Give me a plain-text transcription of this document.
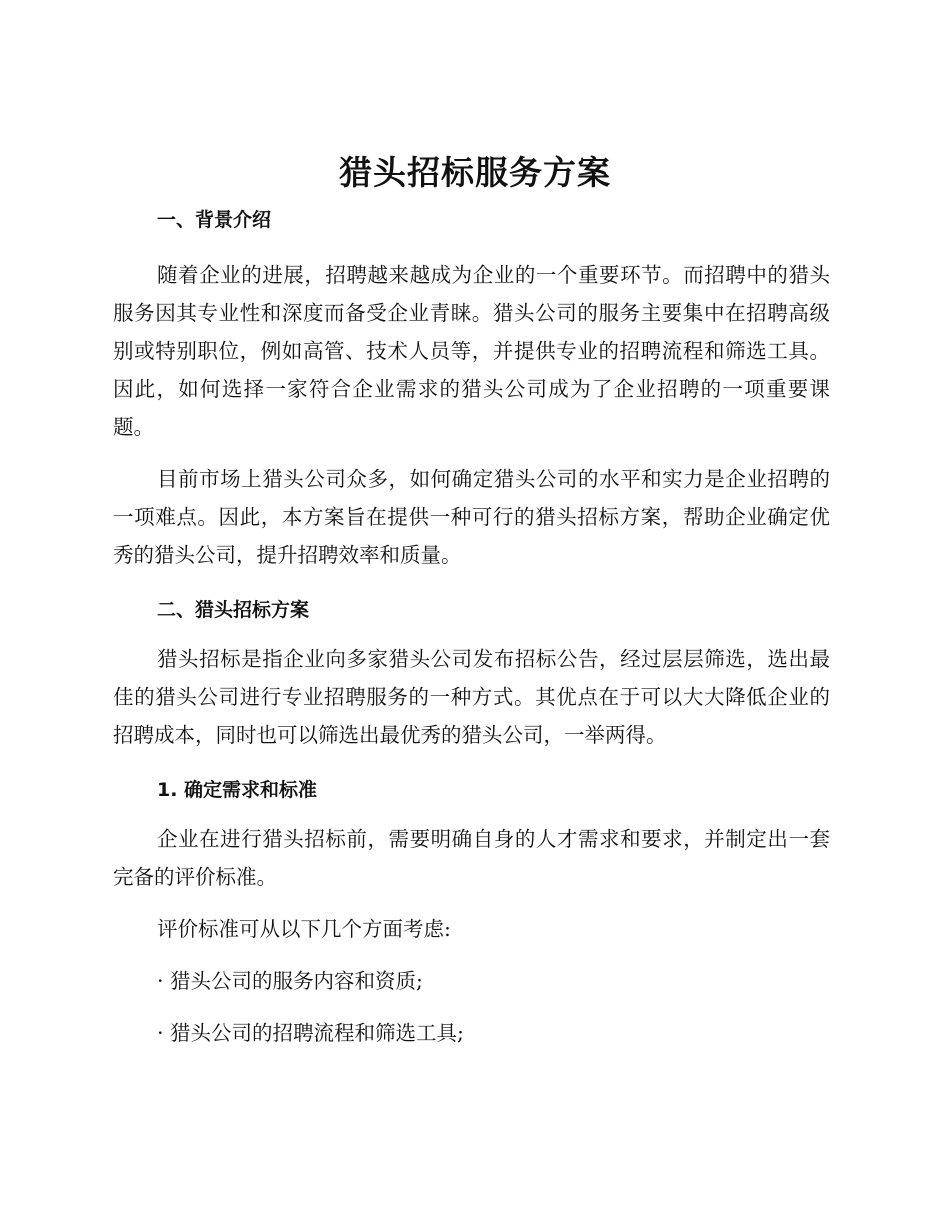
猎头招标服务方案
一、背景介绍

随着企业的进展，招聘越来越成为企业的一个重要环节。而招聘中的猎头服务因其专业性和深度而备受企业青睐。猎头公司的服务主要集中在招聘高级别或特别职位，例如高管、技术人员等，并提供专业的招聘流程和筛选工具。因此，如何选择一家符合企业需求的猎头公司成为了企业招聘的一项重要课题。

目前市场上猎头公司众多，如何确定猎头公司的水平和实力是企业招聘的一项难点。因此，本方案旨在提供一种可行的猎头招标方案，帮助企业确定优秀的猎头公司，提升招聘效率和质量。

二、猎头招标方案

猎头招标是指企业向多家猎头公司发布招标公告，经过层层筛选，选出最佳的猎头公司进行专业招聘服务的一种方式。其优点在于可以大大降低企业的招聘成本，同时也可以筛选出最优秀的猎头公司，一举两得。

1. 确定需求和标准

企业在进行猎头招标前，需要明确自身的人才需求和要求，并制定出一套完备的评价标准。

评价标准可从以下几个方面考虑:

· 猎头公司的服务内容和资质;

· 猎头公司的招聘流程和筛选工具;
